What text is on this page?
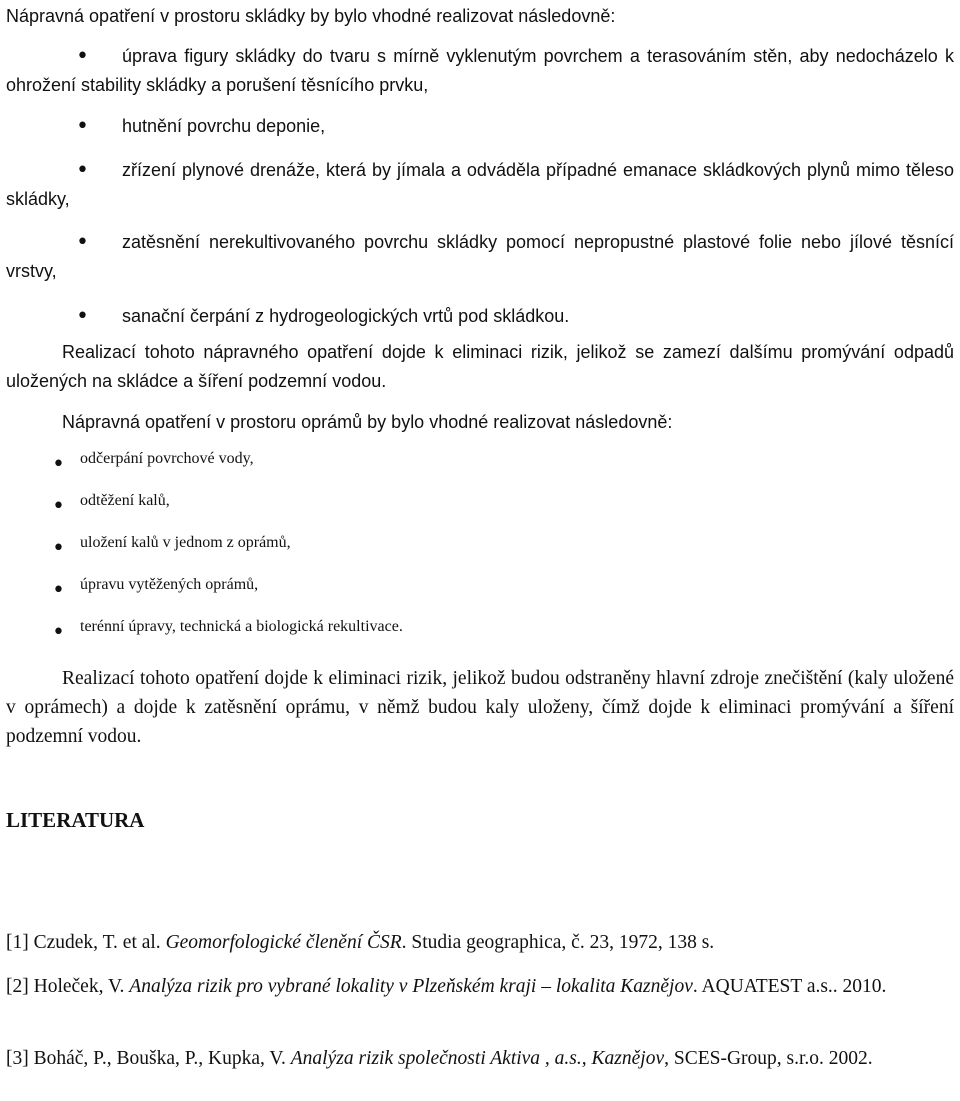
Nápravná opatření v prostoru skládky by bylo vhodné realizovat následovně:

• úprava figury skládky do tvaru s mírně vyklenutým povrchem a terasováním stěn, aby nedocházelo k ohrožení stability skládky a porušení těsnícího prvku,
• hutnění povrchu deponie,
• zřízení plynové drenáže, která by jímala a odváděla případné emanace skládkových plynů mimo těleso skládky,
• zatěsnění nerekultivovaného povrchu skládky pomocí nepropustné plastové folie nebo jílové těsnící vrstvy,
• sanační čerpání z hydrogeologických vrtů pod skládkou.

Realizací tohoto nápravného opatření dojde k eliminaci rizik, jelikož se zamezí dalšímu promývání odpadů uložených na skládce a šíření podzemní vodou.

Nápravná opatření v prostoru oprámů by bylo vhodné realizovat následovně:

• odčerpání povrchové vody,
• odtěžení kalů,
• uložení kalů v jednom z oprámů,
• úpravu vytěžených oprámů,
• terénní úpravy, technická a biologická rekultivace.

Realizací tohoto opatření dojde k eliminaci rizik, jelikož budou odstraněny hlavní zdroje znečištění (kaly uložené v oprámech) a dojde k zatěsnění oprámu, v němž budou kaly uloženy, čímž dojde k eliminaci promývání a šíření podzemní vodou.

LITERATURA

[1] Czudek, T. et al. Geomorfologické členění ČSR. Studia geographica, č. 23, 1972, 138 s.

[2] Holeček, V. Analýza rizik pro vybrané lokality v Plzeňském kraji – lokalita Kaznějov. AQUATEST a.s.. 2010.

[3] Boháč, P., Bouška, P., Kupka, V. Analýza rizik společnosti Aktiva , a.s., Kaznějov, SCES-Group, s.r.o. 2002.
